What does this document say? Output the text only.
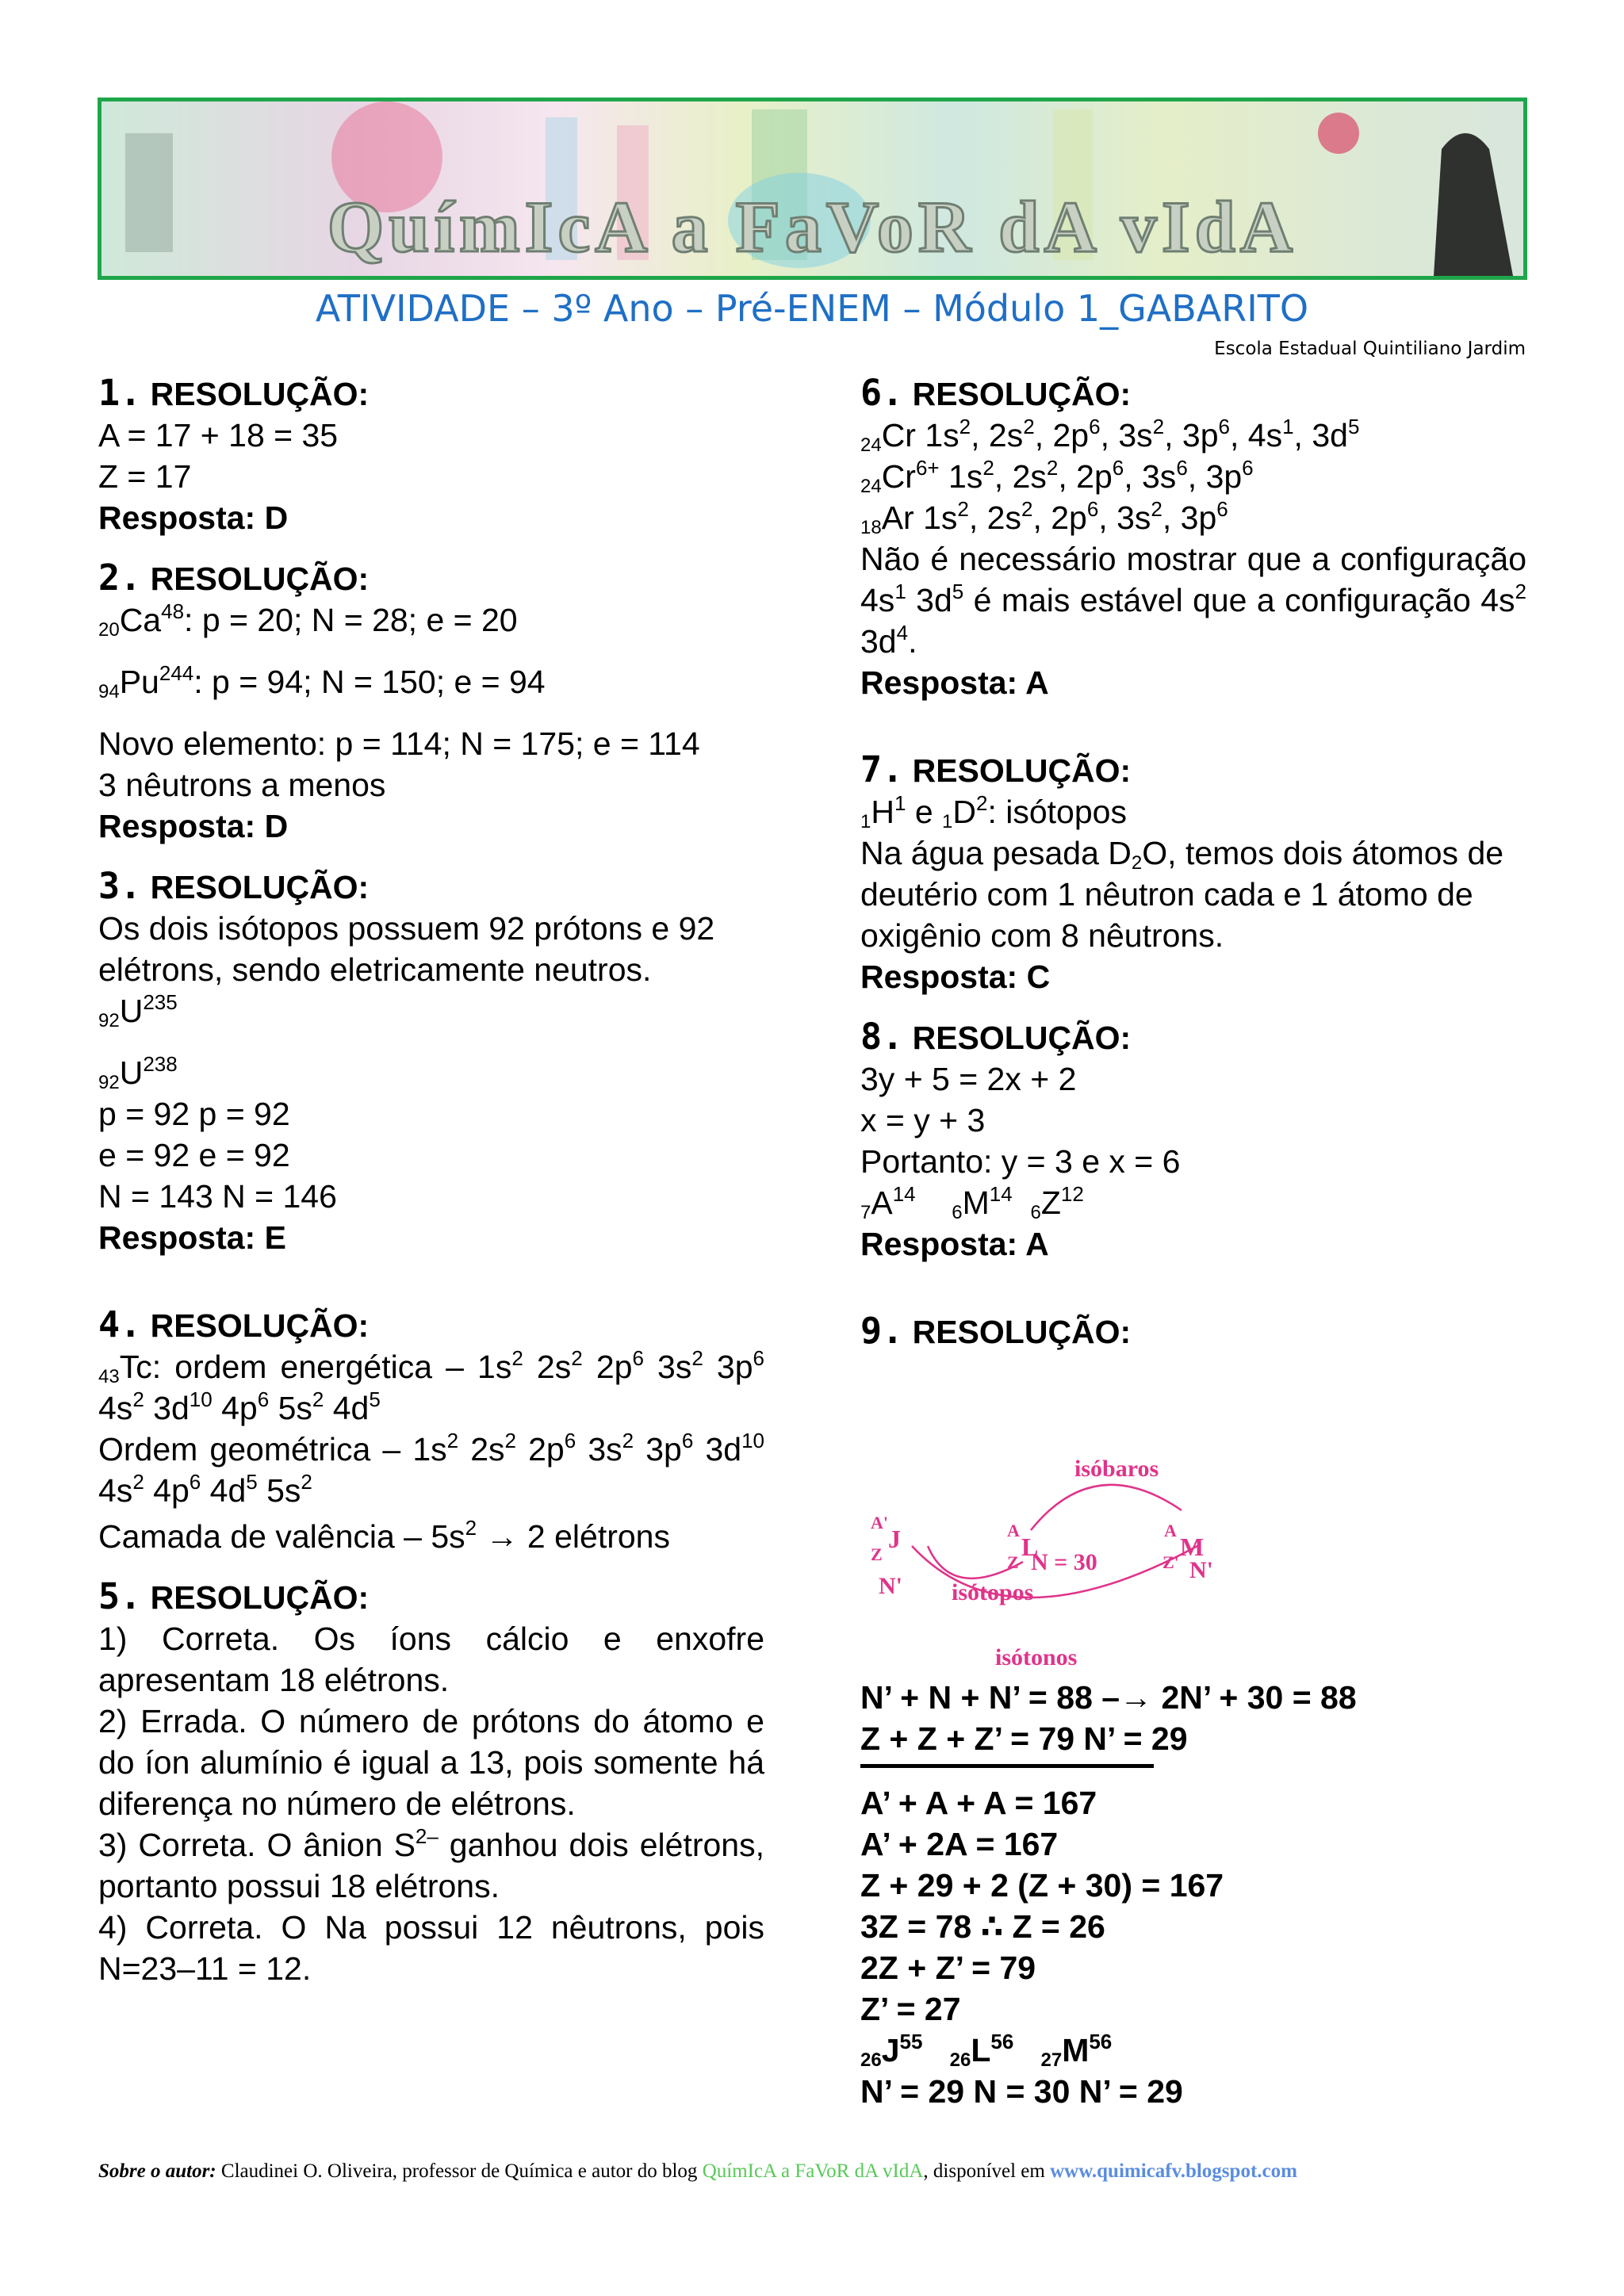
QuímIcA a FaVoR dA vIdA
ATIVIDADE – 3º Ano – Pré-ENEM – Módulo 1_GABARITO
Escola Estadual Quintiliano Jardim

1. RESOLUÇÃO:

A = 17 + 18 = 35

Z = 17

Resposta: D

2. RESOLUÇÃO:

$_{20}Ca^{48}$: p = 20; N = 28; e = 20

$_{94}Pu^{244}$: p = 94; N = 150; e = 94

Novo elemento: p = 114; N = 175; e = 114

3 nêutrons a menos

Resposta: D

3. RESOLUÇÃO:

Os dois isótopos possuem 92 prótons e 92 elétrons, sendo eletricamente neutros.

$_{92}U^{235}$

$_{92}U^{238}$

p = 92 p = 92

e = 92 e = 92

N = 143 N = 146

Resposta: E

4. RESOLUÇÃO:

$_{43}$Tc: ordem energética – $1s^2$ $2s^2$ $2p^6$ $3s^2$ $3p^6$ $4s^2$ $3d^{10}$ $4p^6$ $5s^2$ $4d^5$

Ordem geométrica – $1s^2$ $2s^2$ $2p^6$ $3s^2$ $3p^6$ $3d^{10}$ $4s^2$ $4p^6$ $4d^5$ $5s^2$

Camada de valência – $5s^2 \to 2$ elétrons

5. RESOLUÇÃO:

1) Correta. Os íons cálcio e enxofre apresentam 18 elétrons.

2) Errada. O número de prótons do átomo e do íon alumínio é igual a 13, pois somente há diferença no número de elétrons.

3) Correta. O ânion $S^{2-}$ ganhou dois elétrons, portanto possui 18 elétrons.

4) Correta. O Na possui 12 nêutrons, pois N=23–11 = 12.

6. RESOLUÇÃO:

$_{24}$Cr $1s^2$, $2s^2$, $2p^6$, $3s^2$, $3p^6$, $4s^1$, $3d^5$

$_{24}Cr^{6+}$ $1s^2$, $2s^2$, $2p^6$, $3s^6$, $3p^6$

$_{18}$Ar $1s^2$, $2s^2$, $2p^6$, $3s^2$, $3p^6$

Não é necessário mostrar que a configuração $4s^1$ $3d^5$ é mais estável que a configuração $4s^2$ $3d^4$.

Resposta: A

7. RESOLUÇÃO:

$_1H^1$ e $_1D^2$: isótopos

Na água pesada $D_2O$, temos dois átomos de deutério com 1 nêutron cada e 1 átomo de oxigênio com 8 nêutrons.

Resposta: C

8. RESOLUÇÃO:

3y + 5 = 2x + 2

x = y + 3

Portanto: y = 3 e x = 6

$_7A^{14}$    $_6M^{14}$  $_6Z^{12}$

Resposta: A

9. RESOLUÇÃO:

isóbaros
isótopos
isótonos
N = 30
N'
N'
A'
Z
J	A
Z
L
A
Z'
M

N’ + N + N’ = 88 –→ 2N’ + 30 = 88

Z + Z + Z’ = 79 N’ = 29

A’ + A + A = 167

A’ + 2A = 167

Z + 29 + 2 (Z + 30) = 167

3Z = 78 ∴ Z = 26

2Z + Z’ = 79

Z’ = 27

$_{26}J^{55}$   $_{26}L^{56}$   $_{27}M^{56}$

N’ = 29 N = 30 N’ = 29

Sobre o autor: Claudinei O. Oliveira, professor de Química e autor do blog QuímIcA a FaVoR dA vIdA, disponível em www.quimicafv.blogspot.com
